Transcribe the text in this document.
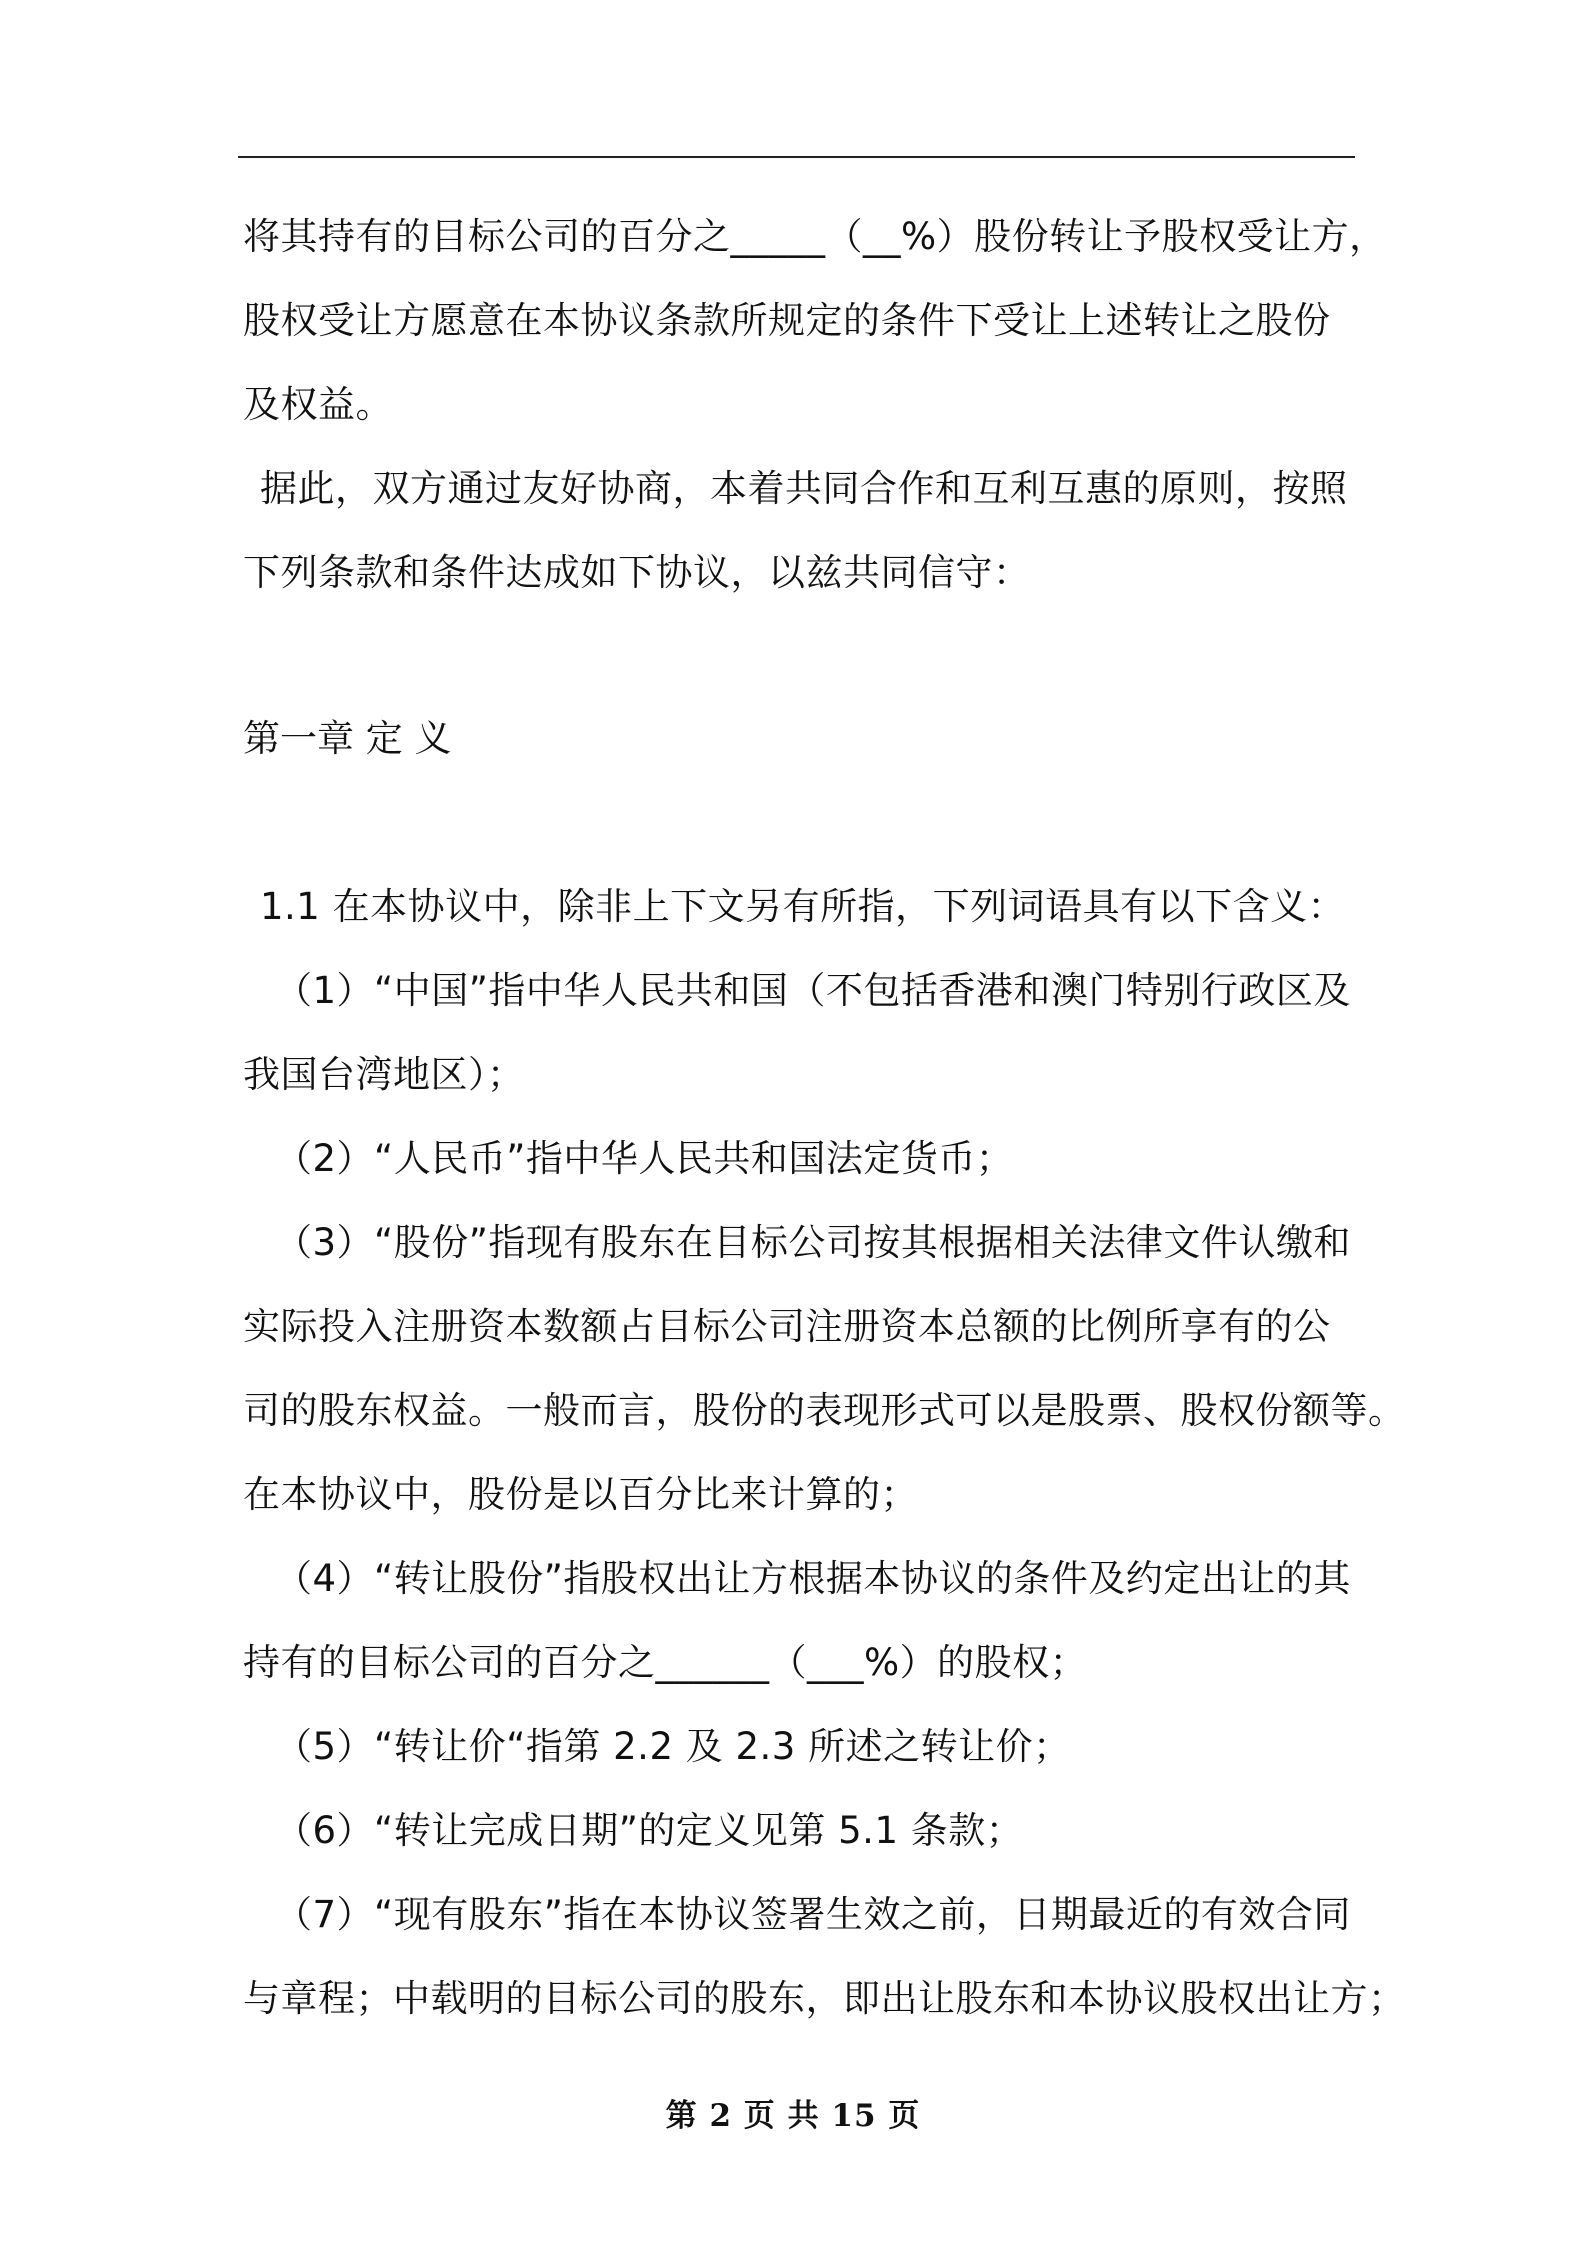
将其持有的目标公司的百分之_____（__%）股份转让予股权受让方，
股权受让方愿意在本协议条款所规定的条件下受让上述转让之股份
及权益。
据此，双方通过友好协商，本着共同合作和互利互惠的原则，按照
下列条款和条件达成如下协议，以兹共同信守：
第一章 定 义
1.1 在本协议中，除非上下文另有所指，下列词语具有以下含义：
（1）“中国”指中华人民共和国（不包括香港和澳门特别行政区及
我国台湾地区）；
（2）“人民币”指中华人民共和国法定货币；
（3）“股份”指现有股东在目标公司按其根据相关法律文件认缴和
实际投入注册资本数额占目标公司注册资本总额的比例所享有的公
司的股东权益。一般而言，股份的表现形式可以是股票、股权份额等。
在本协议中，股份是以百分比来计算的；
（4）“转让股份”指股权出让方根据本协议的条件及约定出让的其
持有的目标公司的百分之______（___%）的股权；
（5）“转让价“指第 2.2 及 2.3 所述之转让价；
（6）“转让完成日期”的定义见第 5.1 条款；
（7）“现有股东”指在本协议签署生效之前，日期最近的有效合同
与章程；中载明的目标公司的股东，即出让股东和本协议股权出让方；
第 2 页 共 15 页
